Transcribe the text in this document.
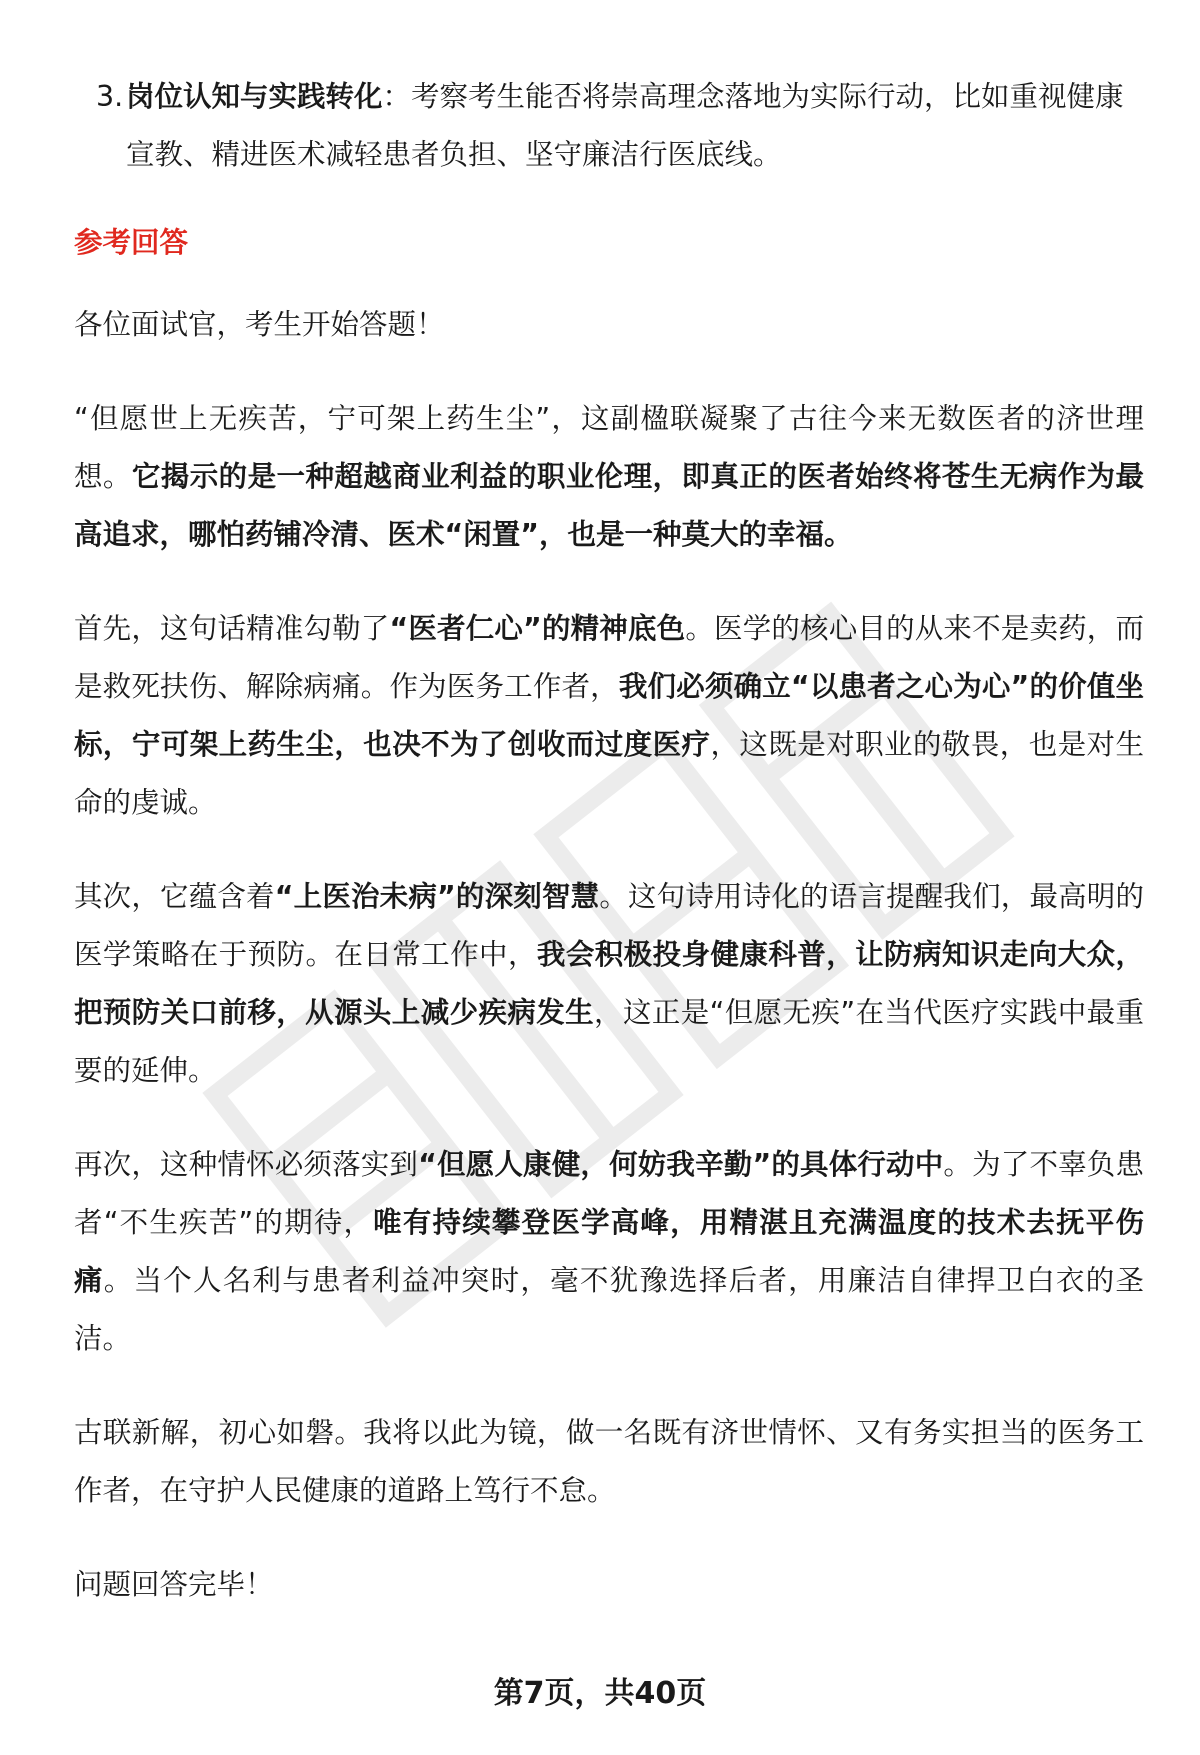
3. 岗位认知与实践转化：考察考生能否将崇高理念落地为实际行动，比如重视健康宣教、精进医术减轻患者负担、坚守廉洁行医底线。
参考回答

各位面试官，考生开始答题！

“但愿世上无疾苦，宁可架上药生尘”，这副楹联凝聚了古往今来无数医者的济世理想。它揭示的是一种超越商业利益的职业伦理，即真正的医者始终将苍生无病作为最高追求，哪怕药铺冷清、医术“闲置”，也是一种莫大的幸福。

首先，这句话精准勾勒了“医者仁心”的精神底色。医学的核心目的从来不是卖药，而是救死扶伤、解除病痛。作为医务工作者，我们必须确立“以患者之心为心”的价值坐标，宁可架上药生尘，也决不为了创收而过度医疗，这既是对职业的敬畏，也是对生命的虔诚。

其次，它蕴含着“上医治未病”的深刻智慧。这句诗用诗化的语言提醒我们，最高明的医学策略在于预防。在日常工作中，我会积极投身健康科普，让防病知识走向大众，把预防关口前移，从源头上减少疾病发生，这正是“但愿无疾”在当代医疗实践中最重要的延伸。

再次，这种情怀必须落实到“但愿人康健，何妨我辛勤”的具体行动中。为了不辜负患者“不生疾苦”的期待，唯有持续攀登医学高峰，用精湛且充满温度的技术去抚平伤痛。当个人名利与患者利益冲突时，毫不犹豫选择后者，用廉洁自律捍卫白衣的圣洁。

古联新解，初心如磐。我将以此为镜，做一名既有济世情怀、又有务实担当的医务工作者，在守护人民健康的道路上笃行不怠。

问题回答完毕！

第7页，共40页
